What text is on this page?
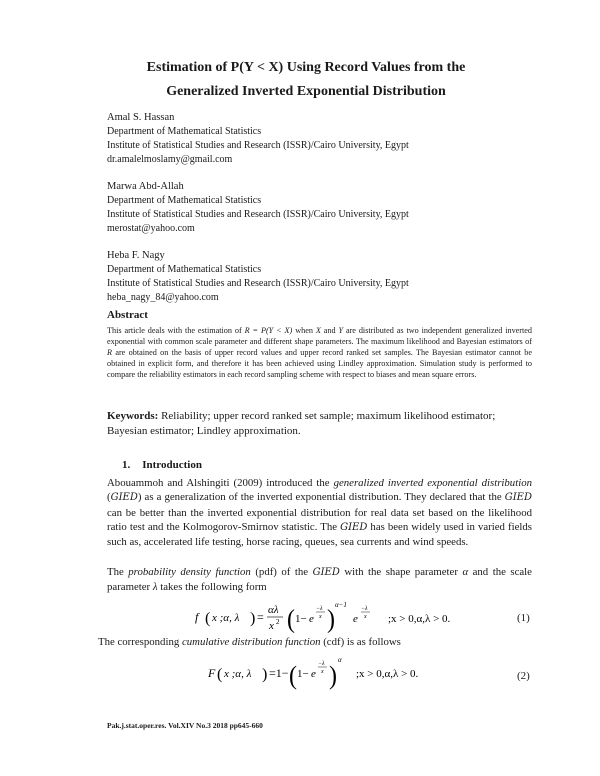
Estimation of P(Y < X) Using Record Values from the
Generalized Inverted Exponential Distribution
Amal S. Hassan
Department of Mathematical Statistics
Institute of Statistical Studies and Research (ISSR)/Cairo University, Egypt
dr.amalelmoslamy@gmail.com
Marwa Abd-Allah
Department of Mathematical Statistics
Institute of Statistical Studies and Research (ISSR)/Cairo University, Egypt
merostat@yahoo.com
Heba F. Nagy
Department of Mathematical Statistics
Institute of Statistical Studies and Research (ISSR)/Cairo University, Egypt
heba_nagy_84@yahoo.com
Abstract
This article deals with the estimation of R = P(Y < X) when X and Y are distributed as two independent generalized inverted exponential with common scale parameter and different shape parameters. The maximum likelihood and Bayesian estimators of R are obtained on the basis of upper record values and upper record ranked set samples. The Bayesian estimator cannot be obtained in explicit form, and therefore it has been achieved using Lindley approximation. Simulation study is performed to compare the reliability estimators in each record sampling scheme with respect to biases and mean square errors.
Keywords: Reliability; upper record ranked set sample; maximum likelihood estimator; Bayesian estimator; Lindley approximation.
1. Introduction
Abouammoh and Alshingiti (2009) introduced the generalized inverted exponential distribution (GIED) as a generalization of the inverted exponential distribution. They declared that the GIED can be better than the inverted exponential distribution for real data set based on the likelihood ratio test and the Kolmogorov-Smirnov statistic. The GIED has been widely used in varied fields such as, accelerated life testing, horse racing, queues, sea currents and wind speeds.
The probability density function (pdf) of the GIED with the shape parameter α and the scale parameter λ takes the following form
f ( x ;α, λ ) = αλ
x 2 ( 1− e
−λ
x )
α−1
e
−λ
x ;x > 0,α,λ > 0.	(1)
The corresponding cumulative distribution function (cdf) is as follows
F ( x ;α, λ ) =1− ( 1− e
−λ
x )
α
;x > 0,α,λ > 0.	(2)
Pak.j.stat.oper.res. Vol.XIV No.3 2018 pp645-660
